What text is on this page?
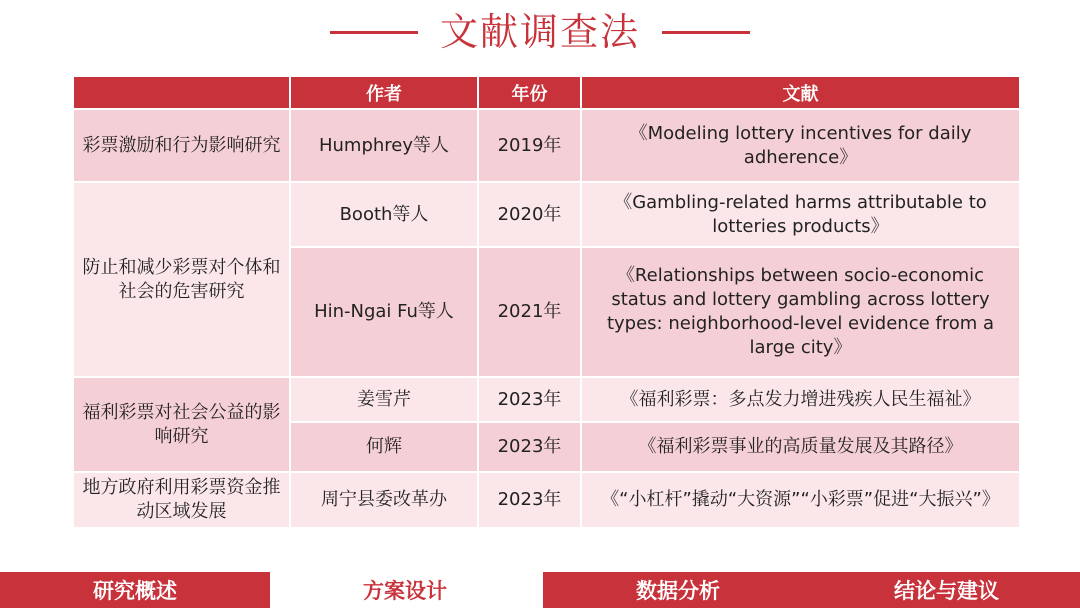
文献调查法
	作者	年份	文献
彩票激励和行为影响研究	Humphrey等人	2019年	《Modeling lottery incentives for daily adherence》
防止和减少彩票对个体和社会的危害研究	Booth等人	2020年	《Gambling-related harms attributable to lotteries products》
	Hin-Ngai Fu等人	2021年	《Relationships between socio-economic status and lottery gambling across lottery types: neighborhood-level evidence from a large city》
福利彩票对社会公益的影响研究	姜雪芹	2023年	《福利彩票：多点发力增进残疾人民生福祉》
	何辉	2023年	《福利彩票事业的高质量发展及其路径》
地方政府利用彩票资金推动区域发展	周宁县委改革办	2023年	《“小杠杆”撬动“大资源”“小彩票”促进“大振兴”》
研究概述	方案设计	数据分析	结论与建议
